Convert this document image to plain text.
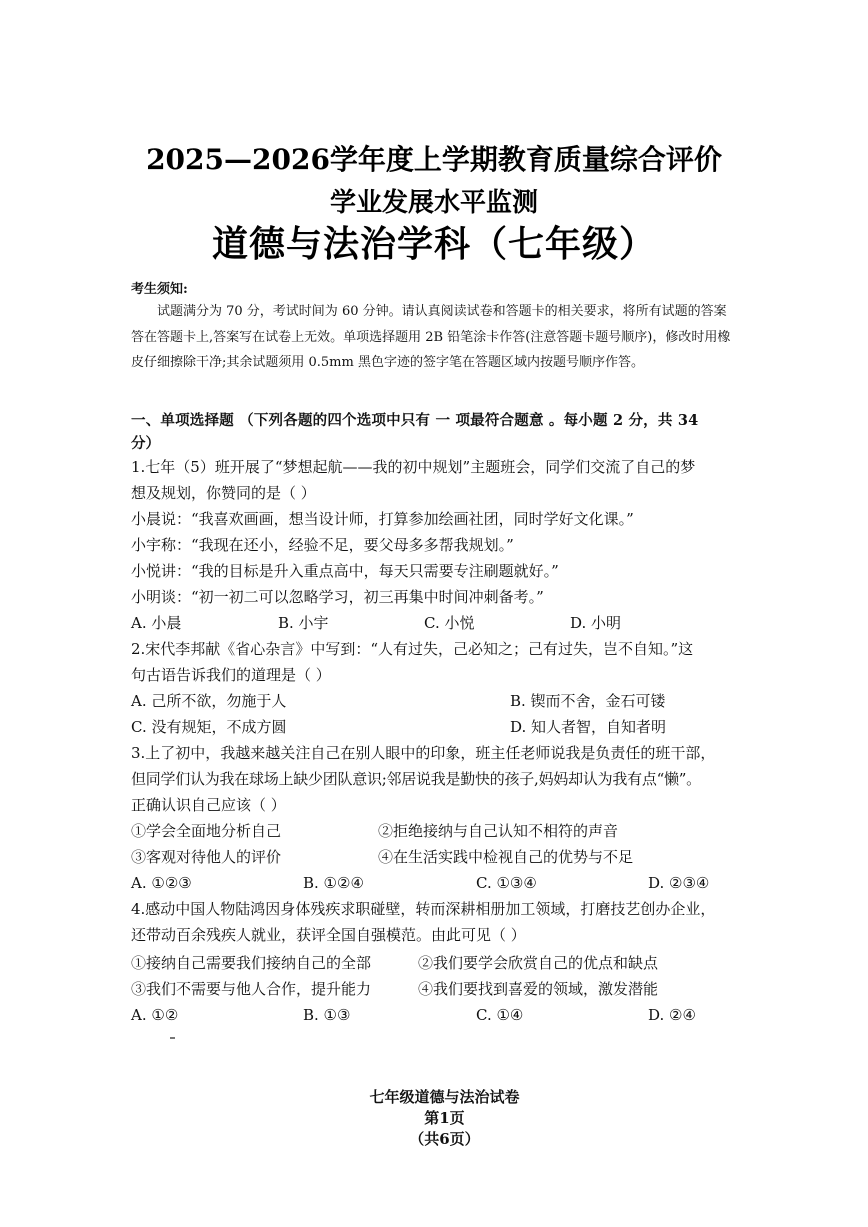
2025—2026学年度上学期教育质量综合评价
学业发展水平监测
道德与法治学科（七年级）
考生须知:
试题满分为 70 分，考试时间为 60 分钟。请认真阅读试卷和答题卡的相关要求，将所有试题的答案
答在答题卡上,答案写在试卷上无效。单项选择题用 2B 铅笔涂卡作答(注意答题卡题号顺序)，修改时用橡
皮仔细擦除干净;其余试题须用 0.5mm 黑色字迹的签字笔在答题区域内按题号顺序作答。
一、单项选择题 （下列各题的四个选项中只有 一 项最符合题意 。每小题 2 分，共 34
分）
1.七年（5）班开展了“梦想起航——我的初中规划”主题班会，同学们交流了自己的梦
想及规划，你赞同的是（ ）
小晨说：“我喜欢画画，想当设计师，打算参加绘画社团，同时学好文化课。”
小宇称：“我现在还小，经验不足，要父母多多帮我规划。”
小悦讲：“我的目标是升入重点高中，每天只需要专注刷题就好。”
小明谈：“初一初二可以忽略学习，初三再集中时间冲刺备考。”
A. 小晨	B. 小宇	C. 小悦	D. 小明
2.宋代李邦献《省心杂言》中写到：“人有过失，己必知之；己有过失，岂不自知。”这
句古语告诉我们的道理是（ ）
A. 己所不欲，勿施于人	B. 锲而不舍，金石可镂
C. 没有规矩，不成方圆	D. 知人者智，自知者明
3.上了初中，我越来越关注自己在别人眼中的印象，班主任老师说我是负责任的班干部，
但同学们认为我在球场上缺少团队意识;邻居说我是勤快的孩子,妈妈却认为我有点“懒”。
正确认识自己应该（ ）
①学会全面地分析自己	②拒绝接纳与自己认知不相符的声音
③客观对待他人的评价	④在生活实践中检视自己的优势与不足
A. ①②③	B. ①②④	C. ①③④	D. ②③④
4.感动中国人物陆鸿因身体残疾求职碰壁，转而深耕相册加工领域，打磨技艺创办企业，
还带动百余残疾人就业，获评全国自强模范。由此可见（ ）
①接纳自己需要我们接纳自己的全部	②我们要学会欣赏自己的优点和缺点
③我们不需要与他人合作，提升能力	④我们要找到喜爱的领域，激发潜能
A. ①②	B. ①③	C. ①④	D. ②④

七年级道德与法治试卷
第1页
（共6页）
